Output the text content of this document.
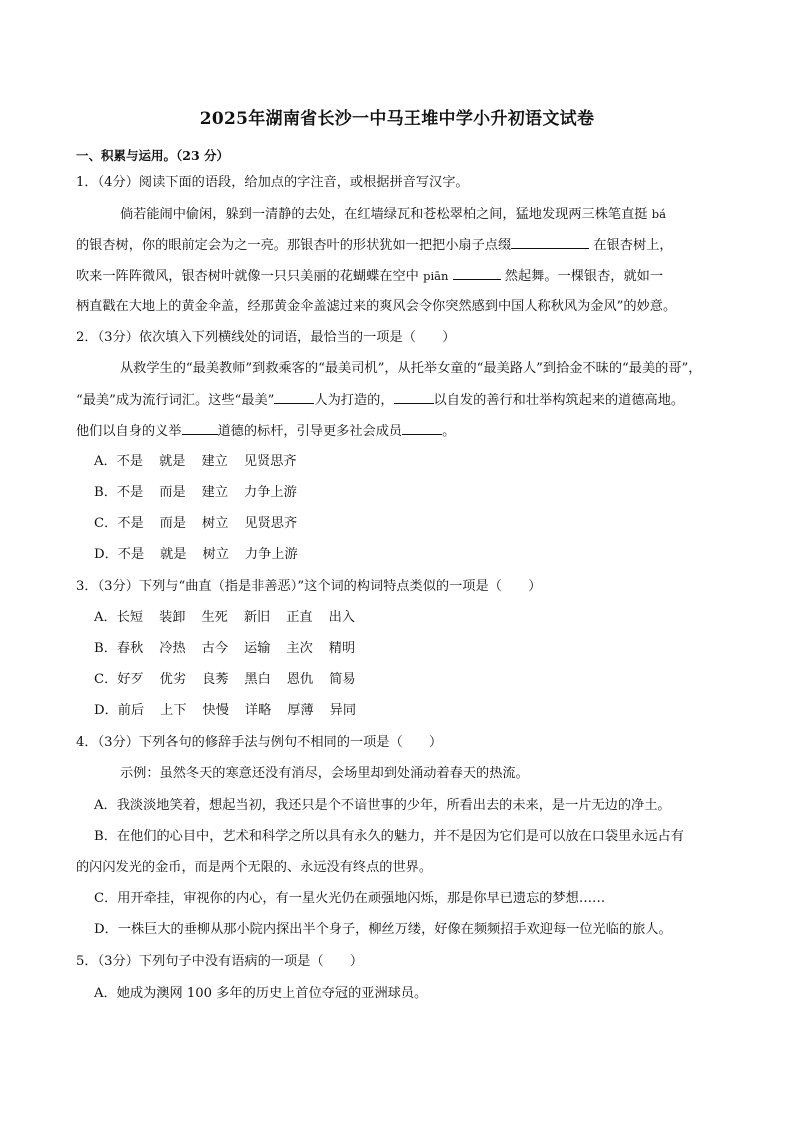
2025年湖南省长沙一中马王堆中学小升初语文试卷
一、积累与运用。（23 分）
1．（4分）阅读下面的语段，给加点的字注音，或根据拼音写汉字。
倘若能闹中偷闲，躲到一清静的去处，在红墙绿瓦和苍松翠柏之间，猛地发现两三株笔直挺 bá
的银杏树，你的眼前定会为之一亮。那银杏叶的形状犹如一把把小扇子点缀	在银杏树上，
吹来一阵阵微风，银杏树叶就像一只只美丽的花蝴蝶在空中 piān	然起舞。一棵银杏，就如一
柄直戳在大地上的黄金伞盖，经那黄金伞盖滤过来的爽风会令你突然感到中国人称秋风为金风”的妙意。
2．（3分）依次填入下列横线处的词语，最恰当的一项是（　　）
从救学生的“最美教师”到救乘客的“最美司机”，从托举女童的“最美路人”到拾金不昧的“最美的哥”，
“最美”成为流行词汇。这些“最美”	人为打造的，	以自发的善行和壮举构筑起来的道德高地。
他们以自身的义举	道德的标杆，引导更多社会成员	。
A．不是 就是 建立 见贤思齐
B．不是 而是 建立 力争上游
C．不是 而是 树立 见贤思齐
D．不是 就是 树立 力争上游
3．（3分）下列与“曲直（指是非善恶）”这个词的构词特点类似的一项是（　　）
A．长短 装卸 生死 新旧 正直 出入
B．春秋 冷热 古今 运输 主次 精明
C．好歹 优劣 良莠 黑白 恩仇 简易
D．前后 上下 快慢 详略 厚薄 异同
4．（3分）下列各句的修辞手法与例句不相同的一项是（　　）
示例：虽然冬天的寒意还没有消尽，会场里却到处涌动着春天的热流。
A．我淡淡地笑着，想起当初，我还只是个不谙世事的少年，所看出去的未来，是一片无边的净土。
B．在他们的心目中，艺术和科学之所以具有永久的魅力，并不是因为它们是可以放在口袋里永远占有
的闪闪发光的金币，而是两个无限的、永远没有终点的世界。
C．用开牵挂，审视你的内心，有一星火光仍在顽强地闪烁，那是你早已遗忘的梦想……
D．一株巨大的垂柳从那小院内探出半个身子，柳丝万缕，好像在频频招手欢迎每一位光临的旅人。
5．（3分）下列句子中没有语病的一项是（　　）
A．她成为澳网 100 多年的历史上首位夺冠的亚洲球员。
